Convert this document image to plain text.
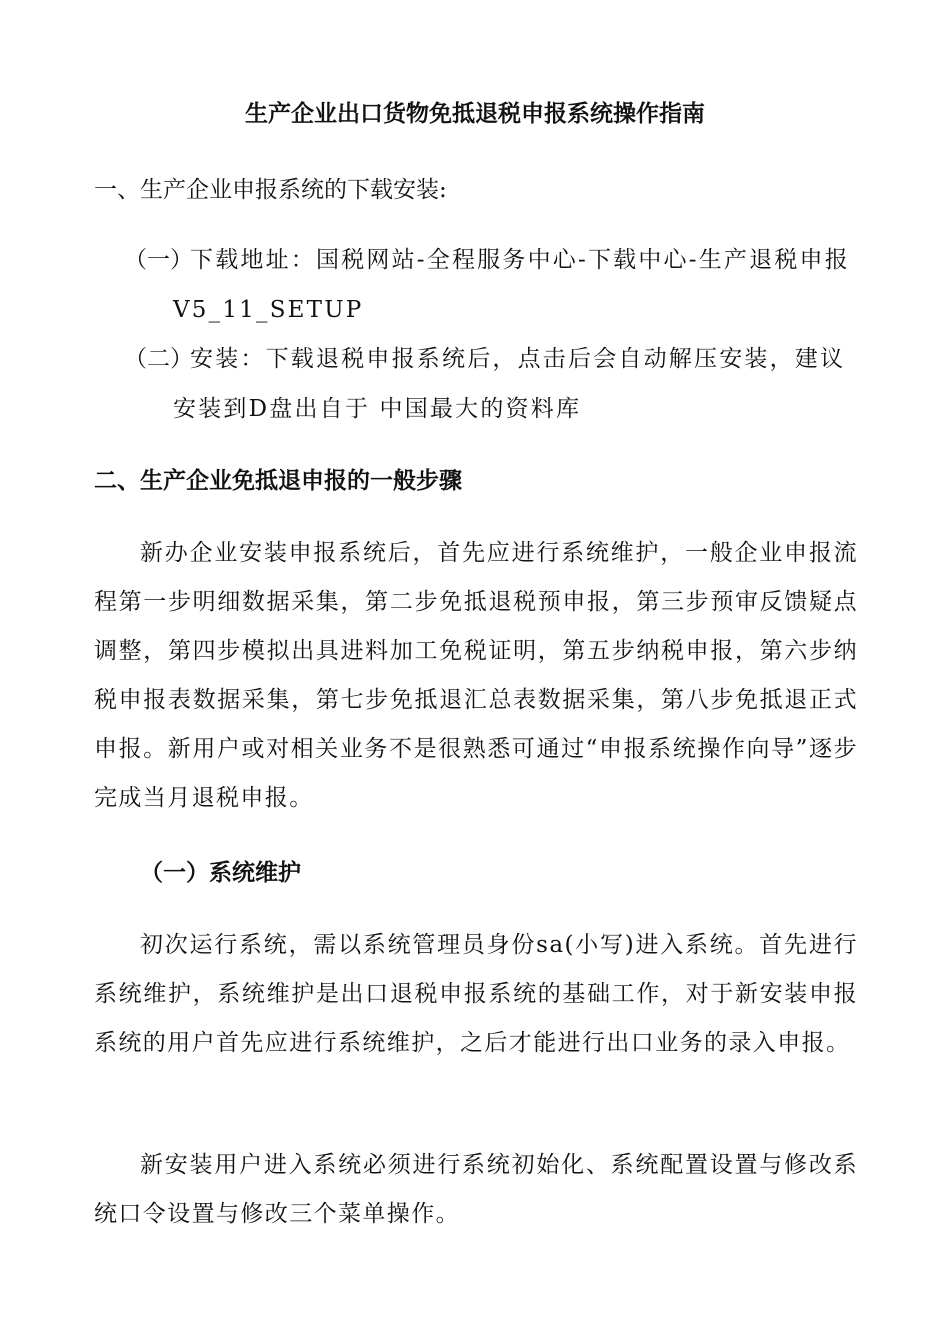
生产企业出口货物免抵退税申报系统操作指南
一、生产企业申报系统的下载安装:
（一）
下载地址：国税网站-全程服务中心-下载中心-生产退税申报V5_11_SETUP
（二）
安装：下载退税申报系统后，点击后会自动解压安装，建议安装到D盘出自于 中国最大的资料库
二、生产企业免抵退申报的一般步骤
新办企业安装申报系统后，首先应进行系统维护，一般企业申报流程第一步明细数据采集，第二步免抵退税预申报，第三步预审反馈疑点调整，第四步模拟出具进料加工免税证明，第五步纳税申报，第六步纳税申报表数据采集，第七步免抵退汇总表数据采集，第八步免抵退正式申报。新用户或对相关业务不是很熟悉可通过“申报系统操作向导”逐步完成当月退税申报。
（一）系统维护
初次运行系统，需以系统管理员身份sa(小写)进入系统。首先进行系统维护，系统维护是出口退税申报系统的基础工作，对于新安装申报系统的用户首先应进行系统维护，之后才能进行出口业务的录入申报。
新安装用户进入系统必须进行系统初始化、系统配置设置与修改系统口令设置与修改三个菜单操作。
